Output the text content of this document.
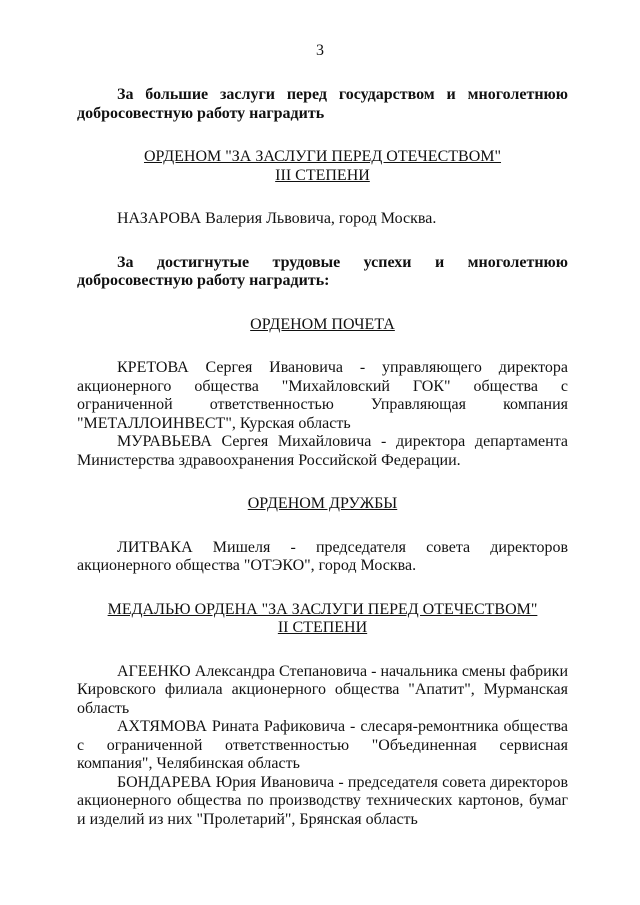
3

За большие заслуги перед государством и многолетнюю добросовестную работу наградить

ОРДЕНОМ "ЗА ЗАСЛУГИ ПЕРЕД ОТЕЧЕСТВОМ"

III СТЕПЕНИ

НАЗАРОВА Валерия Львовича, город Москва.

За достигнутые трудовые успехи и многолетнюю добросовестную работу наградить:

ОРДЕНОМ ПОЧЕТА

КРЕТОВА Сергея Ивановича - управляющего директора акционерного общества "Михайловский ГОК" общества с ограниченной ответственностью Управляющая компания "МЕТАЛЛОИНВЕСТ", Курская область

МУРАВЬЕВА Сергея Михайловича - директора департамента Министерства здравоохранения Российской Федерации.

ОРДЕНОМ ДРУЖБЫ

ЛИТВАКА Мишеля - председателя совета директоров акционерного общества "ОТЭКО", город Москва.

МЕДАЛЬЮ ОРДЕНА "ЗА ЗАСЛУГИ ПЕРЕД ОТЕЧЕСТВОМ"

II СТЕПЕНИ

АГЕЕНКО Александра Степановича - начальника смены фабрики Кировского филиала акционерного общества "Апатит", Мурманская область

АХТЯМОВА Рината Рафиковича - слесаря-ремонтника общества с ограниченной ответственностью "Объединенная сервисная компания", Челябинская область

БОНДАРЕВА Юрия Ивановича - председателя совета директоров акционерного общества по производству технических картонов, бумаг и изделий из них "Пролетарий", Брянская область
